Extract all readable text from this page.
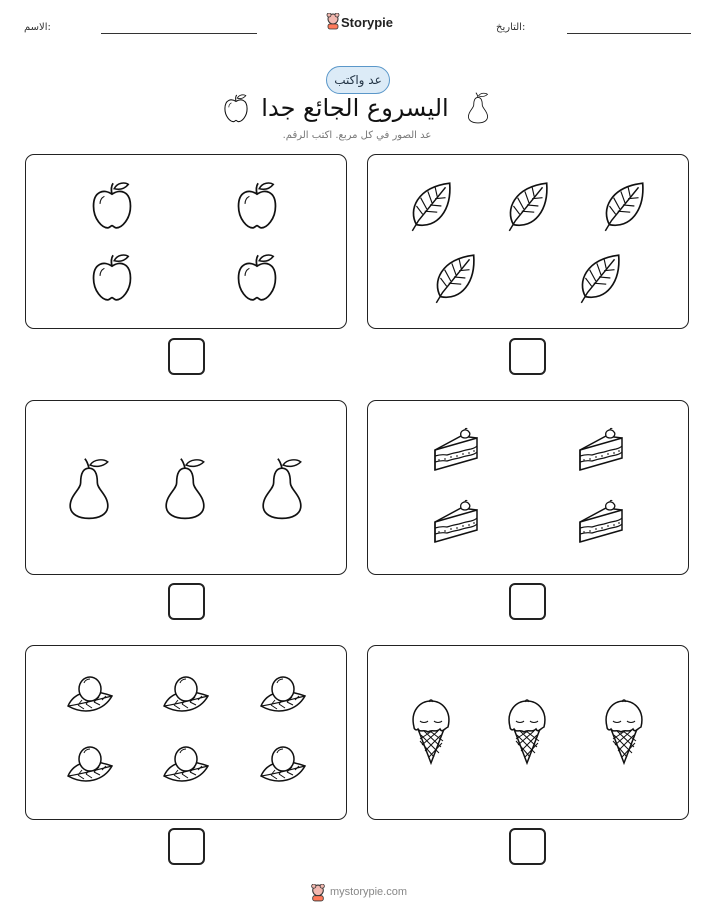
الاسم:	التاريخ:
Storypie
عد واكتب
اليسروع الجائع جدا
عد الصور في كل مربع. اكتب الرقم.
mystorypie.com
